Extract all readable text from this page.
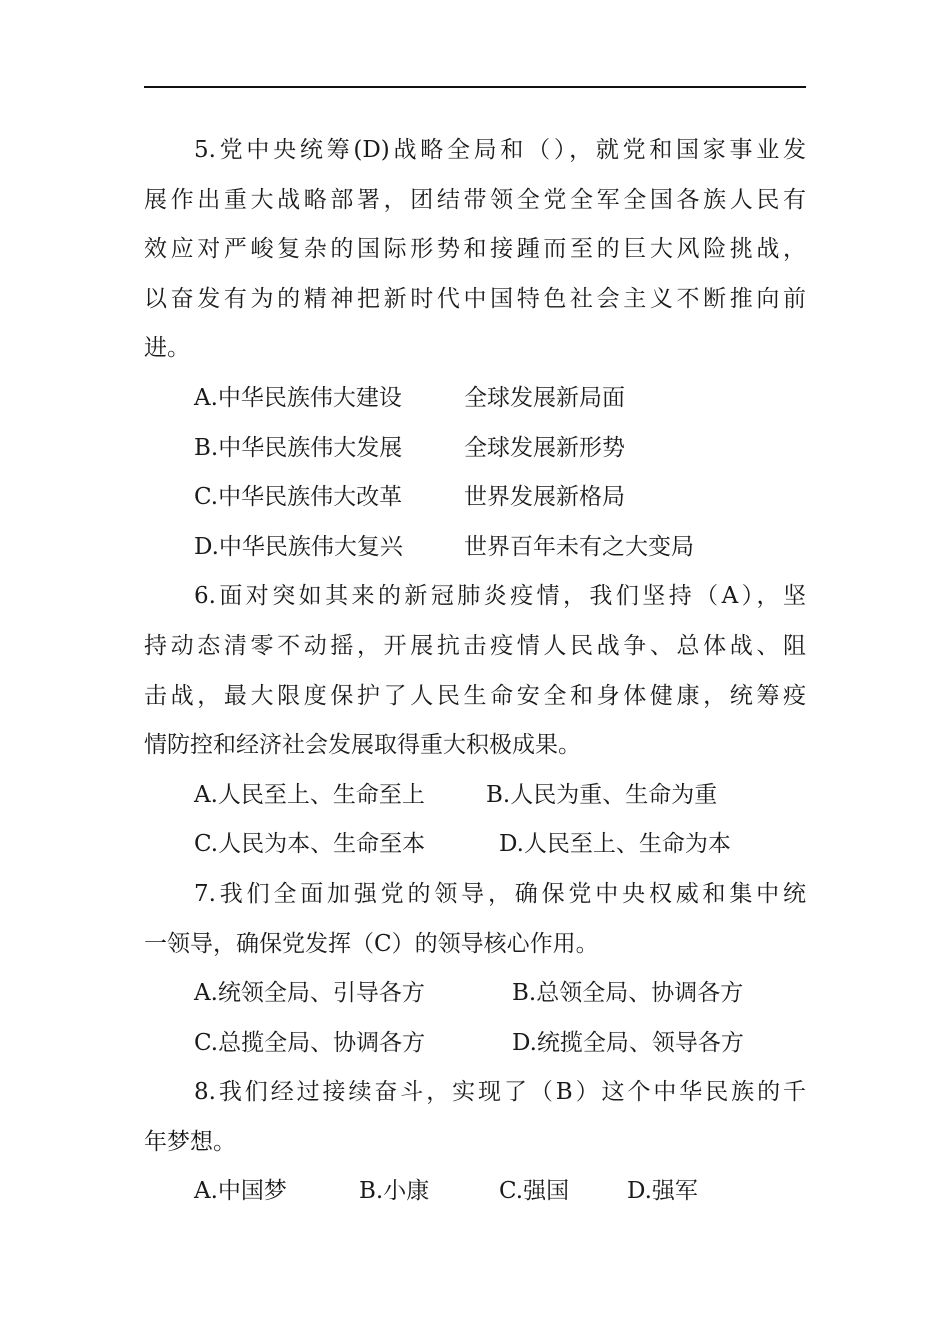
5.党中央统筹(D)战略全局和（），就党和国家事业发
展作出重大战略部署，团结带领全党全军全国各族人民有
效应对严峻复杂的国际形势和接踵而至的巨大风险挑战，
以奋发有为的精神把新时代中国特色社会主义不断推向前
进。
A.中华民族伟大建设	全球发展新局面
B.中华民族伟大发展	全球发展新形势
C.中华民族伟大改革	世界发展新格局
D.中华民族伟大复兴	世界百年未有之大变局
6.面对突如其来的新冠肺炎疫情，我们坚持（A），坚
持动态清零不动摇，开展抗击疫情人民战争、总体战、阻
击战，最大限度保护了人民生命安全和身体健康，统筹疫
情防控和经济社会发展取得重大积极成果。
A.人民至上、生命至上	B.人民为重、生命为重
C.人民为本、生命至本	D.人民至上、生命为本
7.我们全面加强党的领导，确保党中央权威和集中统
一领导，确保党发挥（C）的领导核心作用。
A.统领全局、引导各方	B.总领全局、协调各方
C.总揽全局、协调各方	D.统揽全局、领导各方
8.我们经过接续奋斗，实现了（B）这个中华民族的千
年梦想。
A.中国梦	B.小康	C.强国	D.强军
